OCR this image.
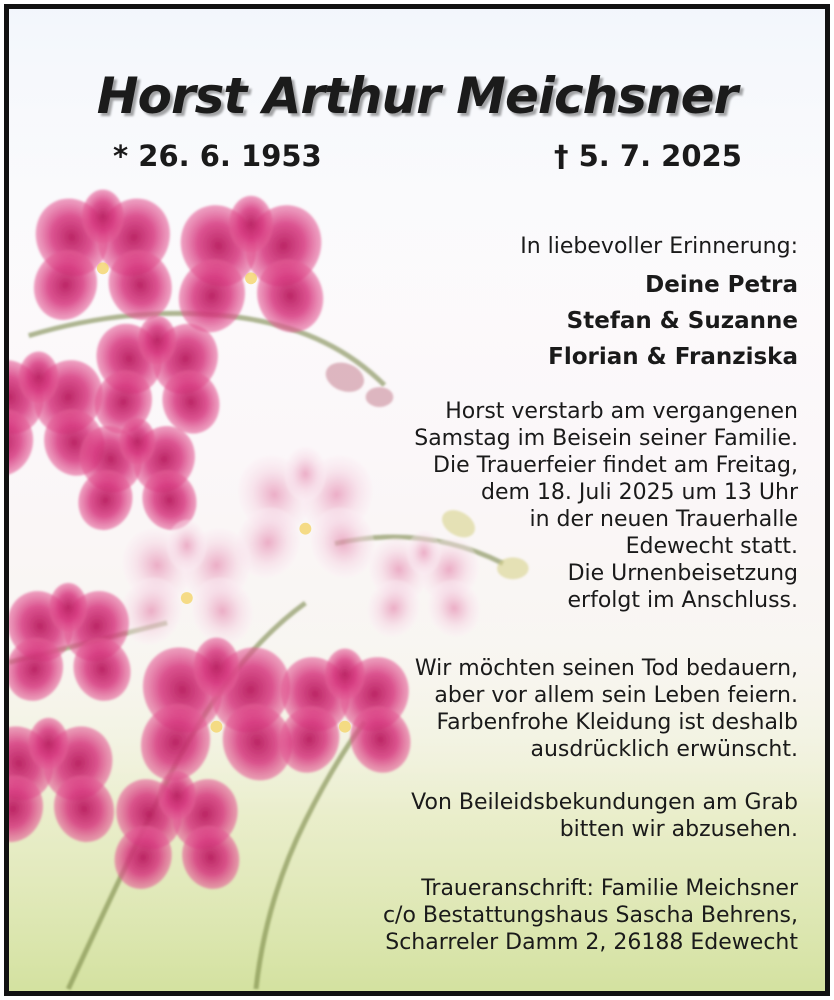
Horst Arthur Meichsner
* 26. 6. 1953	† 5. 7. 2025
In liebevoller Erinnerung:
Deine Petra
Stefan & Suzanne
Florian & Franziska
Horst verstarb am vergangenen
Samstag im Beisein seiner Familie.
Die Trauerfeier findet am Freitag,
dem 18. Juli 2025 um 13 Uhr
in der neuen Trauerhalle
Edewecht statt.
Die Urnenbeisetzung
erfolgt im Anschluss.
Wir möchten seinen Tod bedauern,
aber vor allem sein Leben feiern.
Farbenfrohe Kleidung ist deshalb
ausdrücklich erwünscht.
Von Beileidsbekundungen am Grab
bitten wir abzusehen.
Traueranschrift: Familie Meichsner
c/o Bestattungshaus Sascha Behrens,
Scharreler Damm 2, 26188 Edewecht
